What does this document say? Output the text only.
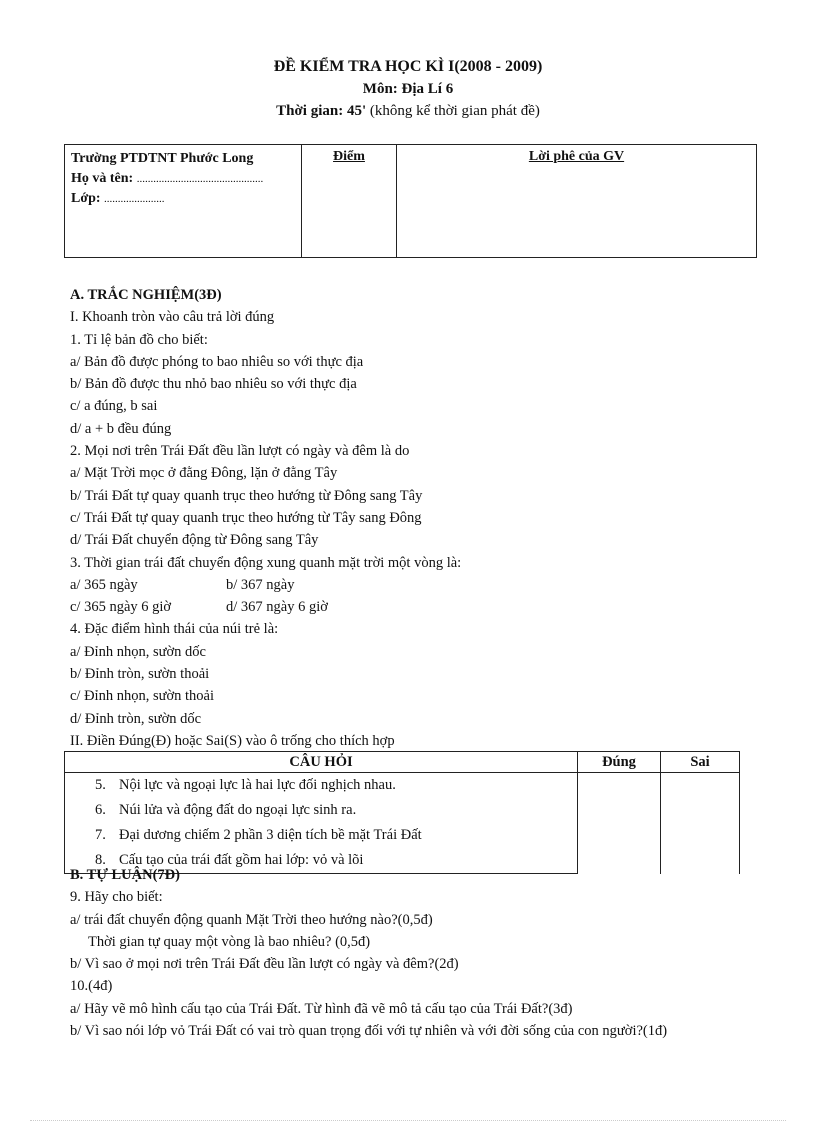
ĐỀ KIỂM TRA HỌC KÌ I(2008 - 2009)
Môn: Địa Lí 6
Thời gian: 45' (không kể thời gian phát đề)
Trường PTDTNT Phước Long
Họ và tên: ..............................................
Lớp: ......................

Điểm	Lời phê của GV
A. TRẮC NGHIỆM(3Đ)
I. Khoanh tròn vào câu trả lời đúng
1. Tỉ lệ bản đồ cho biết:
a/ Bản đồ được phóng to bao nhiêu so với thực địa
b/ Bản đồ được thu nhỏ bao nhiêu so với thực địa
c/ a đúng, b sai
d/ a + b đều đúng
2. Mọi nơi trên Trái Đất đều lần lượt có ngày và đêm là do
a/ Mặt Trời mọc ở đằng Đông, lặn ở đằng Tây
b/ Trái Đất tự quay quanh trục theo hướng từ Đông sang Tây
c/ Trái Đất tự quay quanh trục theo hướng từ Tây sang Đông
d/ Trái Đất chuyển động từ Đông sang Tây
3. Thời gian trái đất chuyển động xung quanh mặt trời một vòng là:
a/ 365 ngày	b/ 367 ngày
c/ 365 ngày 6 giờ	d/ 367 ngày 6 giờ
4. Đặc điểm hình thái của núi trẻ là:
a/ Đỉnh nhọn, sườn dốc
b/ Đỉnh tròn, sườn thoải
c/ Đỉnh nhọn, sườn thoải
d/ Đỉnh tròn, sườn dốc
II. Điền Đúng(Đ) hoặc Sai(S) vào ô trống cho thích hợp
CÂU HỎI	Đúng	Sai
5. Nội lực và ngoại lực là hai lực đối nghịch nhau.		
6. Núi lửa và động đất do ngoại lực sinh ra.		
7. Đại dương chiếm 2 phần 3 diện tích bề mặt Trái Đất		
8. Cấu tạo của trái đất gồm hai lớp: vỏ và lõi		
B. TỰ LUẬN(7Đ)
9. Hãy cho biết:
a/ trái đất chuyển động quanh Mặt Trời theo hướng nào?(0,5đ)
Thời gian tự quay một vòng là bao nhiêu? (0,5đ)
b/ Vì sao ở mọi nơi trên Trái Đất đều lần lượt có ngày và đêm?(2đ)
10.(4đ)
a/ Hãy vẽ mô hình cấu tạo của Trái Đất. Từ hình đã vẽ mô tả cấu tạo của Trái Đất?(3đ)
b/ Vì sao nói lớp vỏ Trái Đất có vai trò quan trọng đối với tự nhiên và với đời sống của con người?(1đ)
